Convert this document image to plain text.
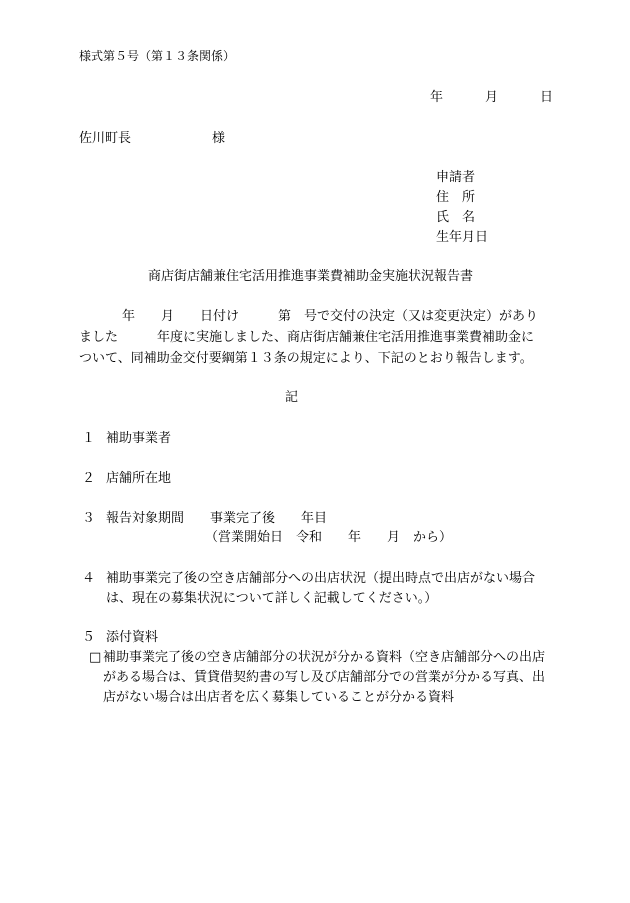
様式第５号（第１３条関係）
年	月	日
佐川町長	様
申請者
住　所
氏　名
生年月日
商店街店舗兼住宅活用推進事業費補助金実施状況報告書
年　　月　　日付け　　　第　号で交付の決定（又は変更決定）があり
ました　　　年度に実施しました、商店街店舗兼住宅活用推進事業費補助金に
ついて、同補助金交付要綱第１３条の規定により、下記のとおり報告します。
記
１ 補助事業者
２ 店舗所在地
３ 報告対象期間　　事業完了後　　年目
（営業開始日　令和　　年　　月　から）
４ 補助事業完了後の空き店舗部分への出店状況（提出時点で出店がない場合
は、現在の募集状況について詳しく記載してください。）
５ 添付資料
□ 補助事業完了後の空き店舗部分の状況が分かる資料（空き店舗部分への出店
がある場合は、賃貸借契約書の写し及び店舗部分での営業が分かる写真、出
店がない場合は出店者を広く募集していることが分かる資料
